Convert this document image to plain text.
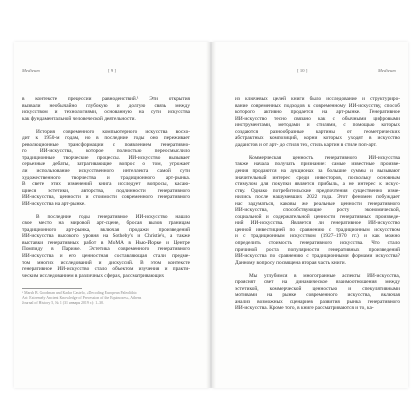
Medieum	[ 9 ]	[ 10 ]	Medieum

в контексте прецессии равноденствий.¹ Эти открытия
вызвали необычайно глубокую и долгую связь между
искусством и технологиями, основанную на сути искусства
как фундаментальной человеческой деятельности.

История современного компьютерного искусства восхо-
дит к 1950-м годам, но в последние годы оно переживает
революционные трансформации с появлением генеративно-
го ИИ-искусства, которое полностью переосмыслило
традиционные творческие процессы. ИИ-искусство вызывает
серьезные дебаты, затрагивающие вопрос о том, угрожает
ли использование искусственного интеллекта самой сути
художественного творчества и традиционного арт-рынка.
В свете этих изменений книга исследует вопросы, касаю-
щиеся эстетики, авторства, подлинности генеративного
ИИ-искусства, ценности и стоимости современного генеративного
ИИ-искусства на арт-рынке.

В последние годы генеративное ИИ-искусство нашло
свое место на мировой арт-сцене, бросая вызов границам
традиционного арт-рынка, включая продажи произведений
ИИ-искусства высокого уровня на Sotheby's и Christie's, а также
выставки генеративных работ в MoMA в Нью-Йорке и Центре
Помпиду в Париже. Эстетика современного генеративного
ИИ-искусства и его ценностная составляющая стали предме-
том многих исследований и дискуссий. В этом контексте
генеративное ИИ-искусство стало объектом изучения и практи-
ческим исследованием в различных сферах, рассматривающих

из ключевых целей книги было исследование и структуриро-
вание современных подходов к современному ИИ-искусству, способ
которого активно продается на арт-рынке. Генеративное
ИИ-искусство тесно связано как с обычными цифровыми
инструментами, методами и стилями, с помощью которых
создаются разнообразные картины от геометрических
абстрактных композиций, корни которых уходят в искусство
дадаистов и от арт- до стиля тех, стиль картин в стиле поп-арт.

Коммерческая ценность генеративного ИИ-искусства
также начала получать признание: самые известные произве-
дения продаются на аукционах за большие суммы и вызывают
значительный интерес среди инвесторов, поскольку основным
стимулом для покупки является прибыль, а не интерес к искус-
ству. Однако потребительские предпочтения существенно изме-
нились после нашумевших 2022 года. Этот феномен побуждает
нас задуматься, каковы же реальные ценности генеративного
ИИ-искусства, способствующие росту экономической,
социальной и содержательной ценности генеративных произведе-
ний ИИ-искусства. Является ли генеративное ИИ-искусство
ценной инвестицией по сравнению с традиционным искусством
и с традиционным искусством (1927–1970 гг.) и как можно
определить стоимость генеративного искусства. Что стало
причиной роста популярности генеративных произведений
ИИ-искусства по сравнению с традиционными формами искусства?
Данному вопросу посвящена вторая часть книги.

Мы углубимся в многогранные аспекты ИИ-искусства,
прояснят свет на динамическое взаимоотношения между
эстетикой, коммерческой ценностью и спекулятивными
мотивами на рынке современного искусства, включая
анализ возможных сценариев развития рынка генеративного
ИИ-искусства. Кроме того, в книге рассматриваются и то, ка-

¹ Marsh B. Goodman and Kadar Castelo, «Decoding European Paleolithic
Art: Extremely Ancient Knowledge of Precession of the Equinoxes», Athens
Journal of History 5, № 1 (31 января 2019 г.): 1–30.
